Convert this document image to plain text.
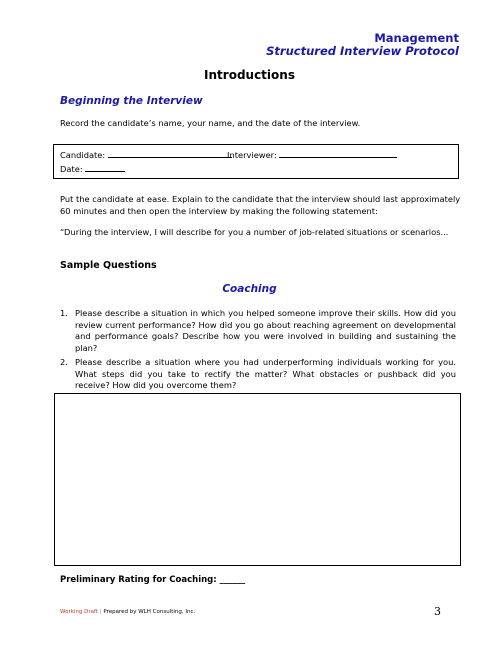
Management
Structured Interview Protocol
Introductions
Beginning the Interview
Record the candidate’s name, your name, and the date of the interview.
Candidate:	Interviewer:
Date:
Put the candidate at ease. Explain to the candidate that the interview should last approximately
60 minutes and then open the interview by making the following statement:
“During the interview, I will describe for you a number of job-related situations or scenarios...
Sample Questions
Coaching
1. Please describe a situation in which you helped someone improve their skills. How did you review current performance? How did you go about reaching agreement on developmental and performance goals? Describe how you were involved in building and sustaining the plan?
2. Please describe a situation where you had underperforming individuals working for you. What steps did you take to rectify the matter? What obstacles or pushback did you receive? How did you overcome them?
Preliminary Rating for Coaching: ______
Working Draft | Prepared by WLH Consulting, Inc.	3
